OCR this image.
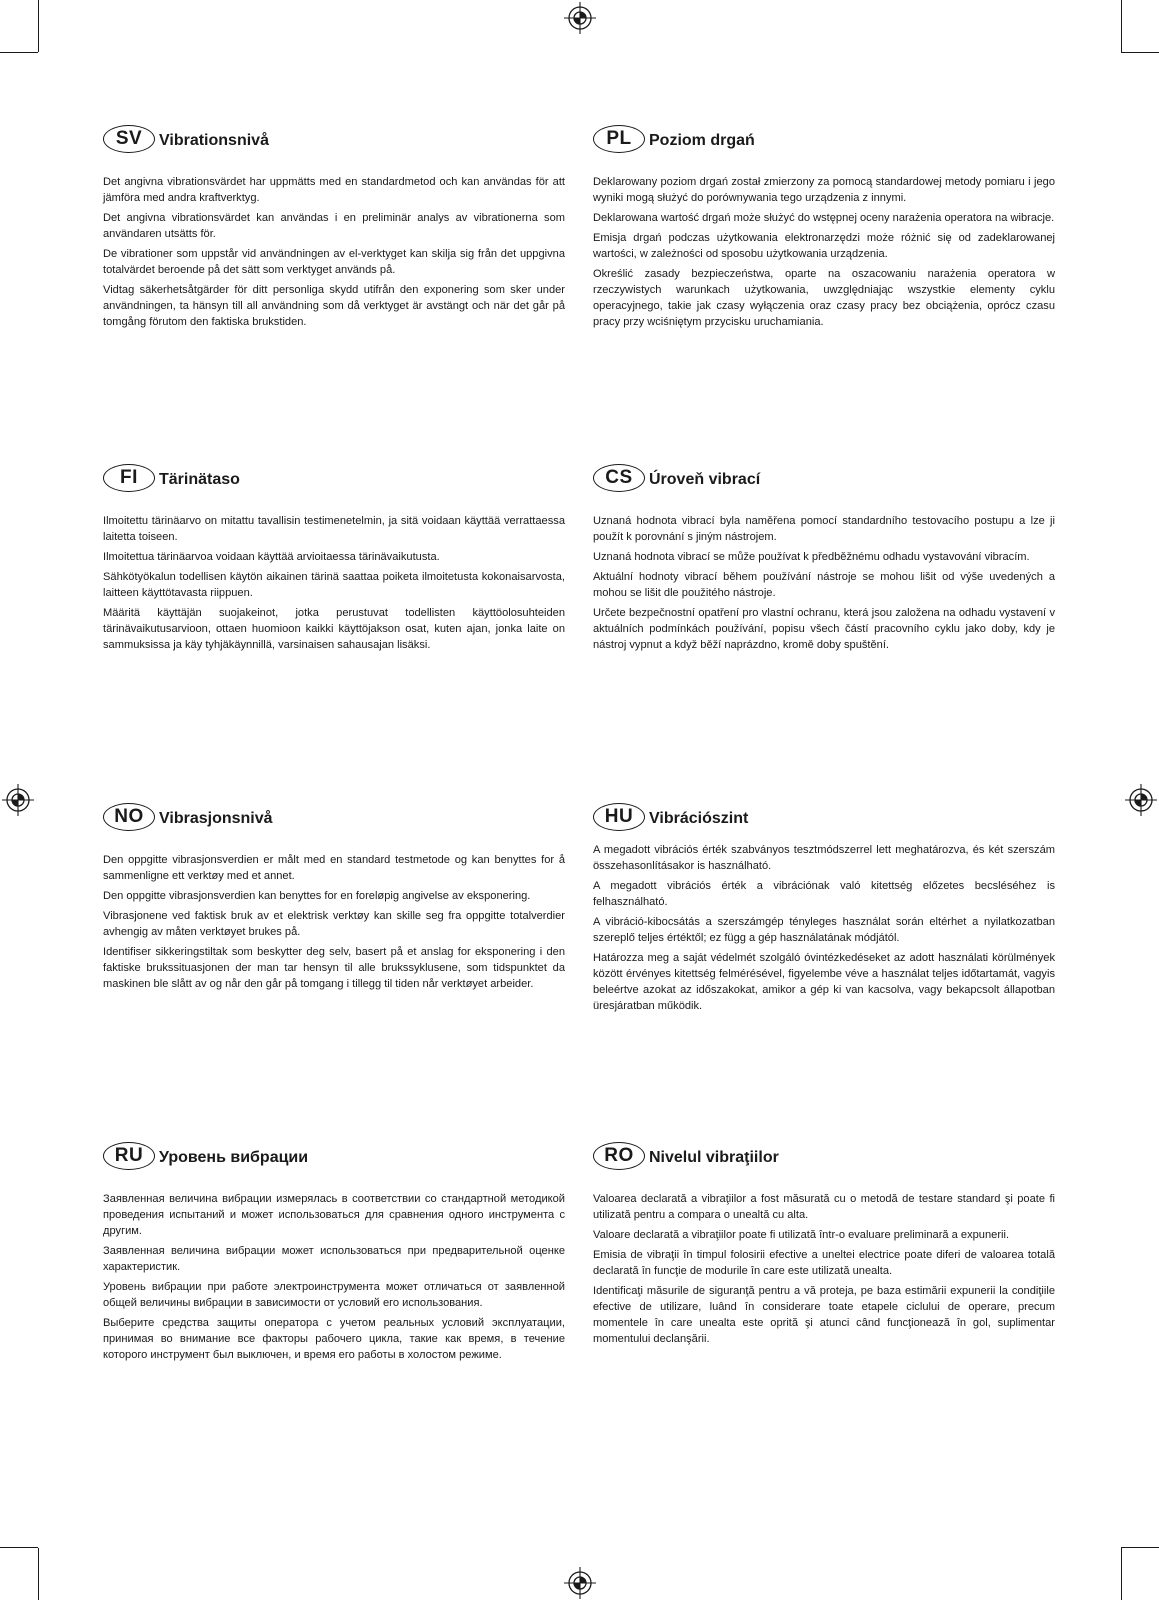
SV	Vibrationsnivå

Det angivna vibrationsvärdet har uppmätts med en standardmetod och kan användas för att jämföra med andra kraftverktyg.

Det angivna vibrationsvärdet kan användas i en preliminär analys av vibrationerna som användaren utsätts för.

De vibrationer som uppstår vid användningen av el-verktyget kan skilja sig från det uppgivna totalvärdet beroende på det sätt som verktyget används på.

Vidtag säkerhetsåtgärder för ditt personliga skydd utifrån den exponering som sker under användningen, ta hänsyn till all användning som då verktyget är avstängt och när det går på tomgång förutom den faktiska brukstiden.

PL	Poziom drgań

Deklarowany poziom drgań został zmierzony za pomocą standardowej metody pomiaru i jego wyniki mogą służyć do porównywania tego urządzenia z innymi.

Deklarowana wartość drgań może służyć do wstępnej oceny narażenia operatora na wibracje.

Emisja drgań podczas użytkowania elektronarzędzi może różnić się od zadeklarowanej wartości, w zależności od sposobu użytkowania urządzenia.

Określić zasady bezpieczeństwa, oparte na oszacowaniu narażenia operatora w rzeczywistych warunkach użytkowania, uwzględniając wszystkie elementy cyklu operacyjnego, takie jak czasy wyłączenia oraz czasy pracy bez obciążenia, oprócz czasu pracy przy wciśniętym przycisku uruchamiania.

FI	Tärinätaso

Ilmoitettu tärinäarvo on mitattu tavallisin testimenetelmin, ja sitä voidaan käyttää verrattaessa laitetta toiseen.

Ilmoitettua tärinäarvoa voidaan käyttää arvioitaessa tärinävaikutusta.

Sähkötyökalun todellisen käytön aikainen tärinä saattaa poiketa ilmoitetusta kokonaisarvosta, laitteen käyttötavasta riippuen.

Määritä käyttäjän suojakeinot, jotka perustuvat todellisten käyttöolosuhteiden tärinävaikutusarvioon, ottaen huomioon kaikki käyttöjakson osat, kuten ajan, jonka laite on sammuksissa ja käy tyhjäkäynnillä, varsinaisen sahausajan lisäksi.

CS	Úroveň vibrací

Uznaná hodnota vibrací byla naměřena pomocí standardního testovacího postupu a lze ji použít k porovnání s jiným nástrojem.

Uznaná hodnota vibrací se může používat k předběžnému odhadu vystavování vibracím.

Aktuální hodnoty vibrací během používání nástroje se mohou lišit od výše uvedených a mohou se lišit dle použitého nástroje.

Určete bezpečnostní opatření pro vlastní ochranu, která jsou založena na odhadu vystavení v aktuálních podmínkách používání, popisu všech částí pracovního cyklu jako doby, kdy je nástroj vypnut a když běží naprázdno, kromě doby spuštění.

NO Vibrasjonsnivå

Den oppgitte vibrasjonsverdien er målt med en standard testmetode og kan benyttes for å sammenligne ett verktøy med et annet.

Den oppgitte vibrasjonsverdien kan benyttes for en foreløpig angivelse av eksponering.

Vibrasjonene ved faktisk bruk av et elektrisk verktøy kan skille seg fra oppgitte totalverdier avhengig av måten verktøyet brukes på.

Identifiser sikkeringstiltak som beskytter deg selv, basert på et anslag for eksponering i den faktiske brukssituasjonen der man tar hensyn til alle brukssyklusene, som tidspunktet da maskinen ble slått av og når den går på tomgang i tillegg til tiden når verktøyet arbeider.

HU Vibrációszint

A megadott vibrációs érték szabványos tesztmódszerrel lett meghatározva, és két szerszám összehasonlításakor is használható.

A megadott vibrációs érték a vibrációnak való kitettség előzetes becsléséhez is felhasználható.

A vibráció-kibocsátás a szerszámgép tényleges használat során eltérhet a nyilatkozatban szereplő teljes értéktől; ez függ a gép használatának módjától.

Határozza meg a saját védelmét szolgáló óvintézkedéseket az adott használati körülmények között érvényes kitettség felmérésével, figyelembe véve a használat teljes időtartamát, vagyis beleértve azokat az időszakokat, amikor a gép ki van kacsolva, vagy bekapcsolt állapotban üresjáratban működik.

RU Уровень вибрации

Заявленная величина вибрации измерялась в соответствии со стандартной методикой проведения испытаний и может использоваться для сравнения одного инструмента с другим.

Заявленная величина вибрации может использоваться при предварительной оценке характеристик.

Уровень вибрации при работе электроинструмента может отличаться от заявленной общей величины вибрации в зависимости от условий его использования.

Выберите средства защиты оператора с учетом реальных условий эксплуатации, принимая во внимание все факторы рабочего цикла, такие как время, в течение которого инструмент был выключен, и время его работы в холостом режиме.

RO Nivelul vibraţiilor

Valoarea declarată a vibraţiilor a fost măsurată cu o metodă de testare standard şi poate fi utilizată pentru a compara o unealtă cu alta.

Valoare declarată a vibraţiilor poate fi utilizată într-o evaluare preliminară a expunerii.

Emisia de vibraţii în timpul folosirii efective a uneltei electrice poate diferi de valoarea totală declarată în funcţie de modurile în care este utilizată unealta.

Identificaţi măsurile de siguranţă pentru a vă proteja, pe baza estimării expunerii la condiţiile efective de utilizare, luând în considerare toate etapele ciclului de operare, precum momentele în care unealta este oprită şi atunci când funcţionează în gol, suplimentar momentului declanşării.
